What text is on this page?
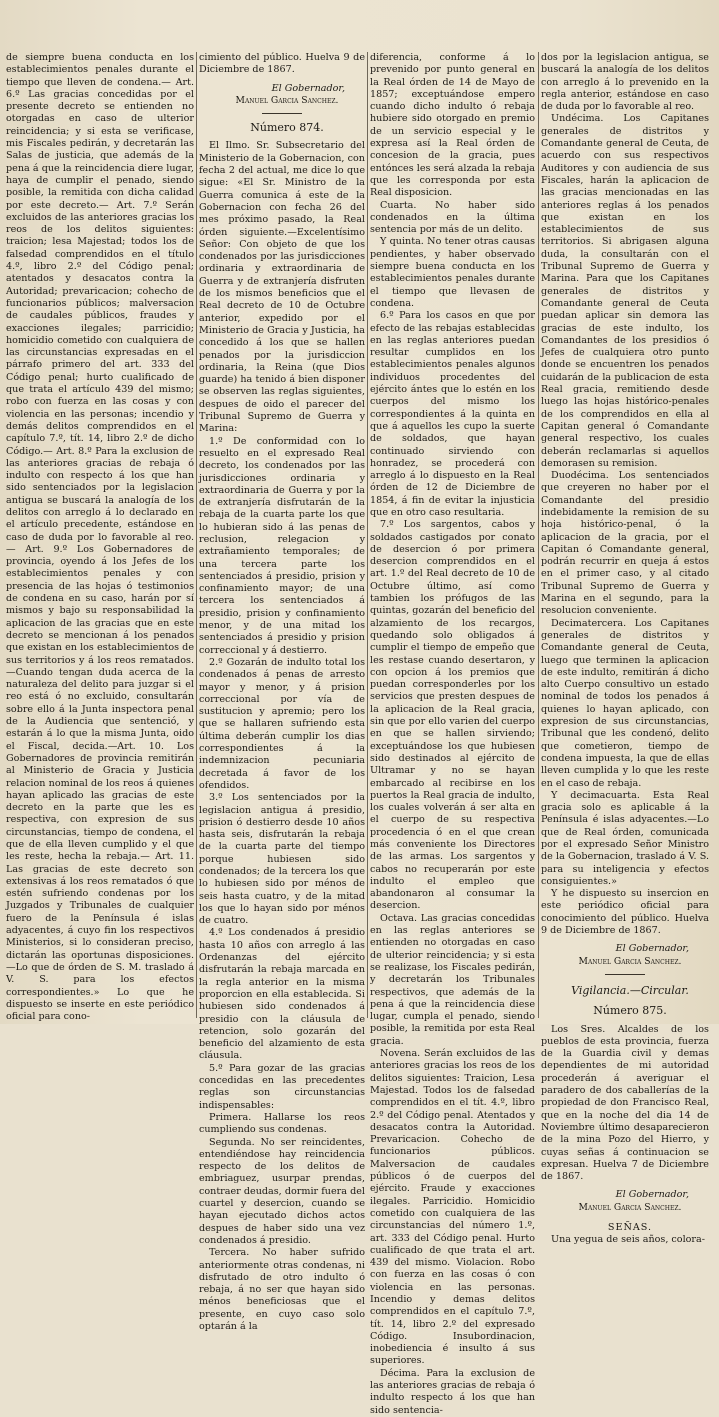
de siempre buena conducta en los establecimientos penales durante el tiempo que lleven de condena.— Art. 6.º Las gracias concedidas por el presente decreto se entienden no otorgadas en caso de ulterior reincidencia; y si esta se verificase, mis Fiscales pedirán, y decretarán las Salas de justicia, que además de la pena á que la reincidencia diere lugar, haya de cumplir el penado, siendo posible, la remitida con dicha calidad por este decreto.— Art. 7.º Serán excluidos de las anteriores gracias los reos de los delitos siguientes: traicion; lesa Majestad; todos los de falsedad comprendidos en el título 4.º, libro 2.º del Código penal; atentados y desacatos contra la Autoridad; prevaricacion; cohecho de funcionarios públicos; malversacion de caudales públicos, fraudes y exacciones ilegales; parricidio; homicidio cometido con cualquiera de las circunstancias expresadas en el párrafo primero del art. 333 del Código penal; hurto cualificado de que trata el artículo 439 del mismo; robo con fuerza en las cosas y con violencia en las personas; incendio y demás delitos comprendidos en el capítulo 7.º, tít. 14, libro 2.º de dicho Código.— Art. 8.º Para la exclusion de las anteriores gracias de rebaja ó indulto con respecto á los que han sido sentenciados por la legislacion antigua se buscará la analogía de los delitos con arreglo á lo declarado en el artículo precedente, estándose en caso de duda por lo favorable al reo. — Art. 9.º Los Gobernadores de provincia, oyendo á los Jefes de los establecimientos penales y con presencia de las hojas ó testimonios de condena en su caso, harán por sí mismos y bajo su responsabilidad la aplicacion de las gracias que en este decreto se mencionan á los penados que existan en los establecimientos de sus territorios y á los reos rematados.—Cuando tengan duda acerca de la naturaleza del delito para juzgar si el reo está ó no excluido, consultarán sobre ello á la Junta inspectora penal de la Audiencia que sentenció, y estarán á lo que la misma Junta, oido el Fiscal, decida.—Art. 10. Los Gobernadores de provincia remitirán al Ministerio de Gracia y Justicia relacion nominal de los reos á quienes hayan aplicado las gracias de este decreto en la parte que les es respectiva, con expresion de sus circunstancias, tiempo de condena, el que de ella lleven cumplido y el que les reste, hecha la rebaja.— Art. 11. Las gracias de este decreto son extensivas á los reos rematados ó que estén sufriendo condenas por los Juzgados y Tribunales de cualquier fuero de la Península é islas adyacentes, á cuyo fin los respectivos Ministerios, si lo consideran preciso, dictarán las oportunas disposiciones.—Lo que de órden de S. M. traslado á V. S. para los efectos correspondientes.» Lo que he dispuesto se inserte en este periódico oficial para cono-

cimiento del público. Huelva 9 de Diciembre de 1867.

El Gobernador,

Manuel Garcia Sanchez.

Número 874.

El Ilmo. Sr. Subsecretario del Ministerio de la Gobernacion, con fecha 2 del actual, me dice lo que sigue: «El Sr. Ministro de la Guerra comunica á este de la Gobernacion con fecha 26 del mes próximo pasado, la Real órden siguiente.—Excelentísimo Señor: Con objeto de que los condenados por las jurisdicciones ordinaria y extraordinaria de Guerra y de extranjería disfruten de los mismos beneficios que el Real decreto de 10 de Octubre anterior, expedido por el Ministerio de Gracia y Justicia, ha concedido á los que se hallen penados por la jurisdiccion ordinaria, la Reina (que Dios guarde) ha tenido á bien disponer se observen las reglas siguientes, despues de oido el parecer del Tribunal Supremo de Guerra y Marina:

1.º De conformidad con lo resuelto en el expresado Real decreto, los condenados por las jurisdicciones ordinaria y extraordinaria de Guerra y por la de extranjería disfrutarán de la rebaja de la cuarta parte los que lo hubieran sido á las penas de reclusion, relegacion y extrañamiento temporales; de una tercera parte los sentenciados á presidio, prision y confinamiento mayor; de una tercera los sentenciados á presidio, prision y confinamiento menor, y de una mitad los sentenciados á presidio y prision correccional y á destierro.

2.º Gozarán de indulto total los condenados á penas de arresto mayor y menor, y á prision correccional por vía de sustitucion y apremio; pero los que se hallaren sufriendo esta última deberán cumplir los dias correspondientes á la indemnizacion pecuniaria decretada á favor de los ofendidos.

3.º Los sentenciados por la legislacion antigua á presidio, prision ó destierro desde 10 años hasta seis, disfrutarán la rebaja de la cuarta parte del tiempo porque hubiesen sido condenados; de la tercera los que lo hubiesen sido por ménos de seis hasta cuatro, y de la mitad los que lo hayan sido por ménos de cuatro.

4.º Los condenados á presidio hasta 10 años con arreglo á las Ordenanzas del ejército disfrutarán la rebaja marcada en la regla anterior en la misma proporcion en ella establecida. Si hubiesen sido condenados á presidio con la cláusula de retencion, solo gozarán del beneficio del alzamiento de esta cláusula.

5.º Para gozar de las gracias concedidas en las precedentes reglas son circunstancias indispensables:

Primera. Hallarse los reos cumpliendo sus condenas.

Segunda. No ser reincidentes, entendiéndose hay reincidencia respecto de los delitos de embriaguez, usurpar prendas, contraer deudas, dormir fuera del cuartel y desercion, cuando se hayan ejecutado dichos actos despues de haber sido una vez condenados á presidio.

Tercera. No haber sufrido anteriormente otras condenas, ni disfrutado de otro indulto ó rebaja, á no ser que hayan sido ménos beneficiosas que el presente, en cuyo caso solo optarán á la

diferencia, conforme á lo prevenido por punto general en la Real órden de 14 de Mayo de 1857; exceptuándose empero cuando dicho indulto ó rebaja hubiere sido otorgado en premio de un servicio especial y le expresa así la Real órden de concesion de la gracia, pues entónces les será alzada la rebaja que les corresponda por esta Real disposicion.

Cuarta. No haber sido condenados en la última sentencia por más de un delito.

Y quinta. No tener otras causas pendientes, y haber observado siempre buena conducta en los establecimientos penales durante el tiempo que llevasen de condena.

6.º Para los casos en que por efecto de las rebajas establecidas en las reglas anteriores puedan resultar cumplidos en los establecimientos penales algunos individuos procedentes del ejército ántes que lo estén en los cuerpos del mismo los correspondientes á la quinta en que á aquellos les cupo la suerte de soldados, que hayan continuado sirviendo con honradez, se procederá con arreglo á lo dispuesto en la Real órden de 12 de Diciembre de 1854, á fin de evitar la injusticia que en otro caso resultaria.

7.º Los sargentos, cabos y soldados castigados por conato de desercion ó por primera desercion comprendidos en el art. 1.º del Real decreto de 10 de Octubre último, así como tambien los prófugos de las quintas, gozarán del beneficio del alzamiento de los recargos, quedando solo obligados á cumplir el tiempo de empeño que les restase cuando desertaron, y con opcion á los premios que puedan corresponderles por los servicios que presten despues de la aplicacion de la Real gracia, sin que por ello varien del cuerpo en que se hallen sirviendo; exceptuándose los que hubiesen sido destinados al ejército de Ultramar y no se hayan embarcado al recibirse en los puertos la Real gracia de indulto, los cuales volverán á ser alta en el cuerpo de su respectiva procedencia ó en el que crean más conveniente los Directores de las armas. Los sargentos y cabos no recuperarán por este indulto el empleo que abandonaron al consumar la desercion.

Octava. Las gracias concedidas en las reglas anteriores se entienden no otorgadas en caso de ulterior reincidencia; y si esta se realizase, los Fiscales pedirán, y decretarán los Tribunales respectivos, que además de la pena á que la reincidencia diese lugar, cumpla el penado, siendo posible, la remitida por esta Real gracia.

Novena. Serán excluidos de las anteriores gracias los reos de los delitos siguientes: Traicion, Lesa Majestad. Todos los de falsedad comprendidos en el tít. 4.º, libro 2.º del Código penal. Atentados y desacatos contra la Autoridad. Prevaricacion. Cohecho de funcionarios públicos. Malversacion de caudales públicos ó de cuerpos del ejército. Fraude y exacciones ilegales. Parricidio. Homicidio cometido con cualquiera de las circunstancias del número 1.º, art. 333 del Código penal. Hurto cualificado de que trata el art. 439 del mismo. Violacion. Robo con fuerza en las cosas ó con violencia en las personas. Incendio y demas delitos comprendidos en el capítulo 7.º, tít. 14, libro 2.º del expresado Código. Insubordinacion, inobediencia é insulto á sus superiores.

Décima. Para la exclusion de las anteriores gracias de rebaja ó indulto respecto á los que han sido sentencia-

dos por la legislacion antigua, se buscará la analogía de los delitos con arreglo á lo prevenido en la regla anterior, estándose en caso de duda por lo favorable al reo.

Undécima. Los Capitanes generales de distritos y Comandante general de Ceuta, de acuerdo con sus respectivos Auditores y con audiencia de sus Fiscales, harán la aplicacion de las gracias mencionadas en las anteriores reglas á los penados que existan en los establecimientos de sus territorios. Si abrigasen alguna duda, la consultarán con el Tribunal Supremo de Guerra y Marina. Para que los Capitanes generales de distritos y Comandante general de Ceuta puedan aplicar sin demora las gracias de este indulto, los Comandantes de los presidios ó Jefes de cualquiera otro punto donde se encuentren los penados cuidarán de la publicacion de esta Real gracia, remitiendo desde luego las hojas histórico-penales de los comprendidos en ella al Capitan general ó Comandante general respectivo, los cuales deberán reclamarlas si aquellos demorasen su remision.

Duodécima. Los sentenciados que creyeren no haber por el Comandante del presidio indebidamente la remision de su hoja histórico-penal, ó la aplicacion de la gracia, por el Capitan ó Comandante general, podrán recurrir en queja á estos en el primer caso, y al citado Tribunal Supremo de Guerra y Marina en el segundo, para la resolucion conveniente.

Decimatercera. Los Capitanes generales de distritos y Comandante general de Ceuta, luego que terminen la aplicacion de este indulto, remitirán á dicho alto Cuerpo consultivo un estado nominal de todos los penados á quienes lo hayan aplicado, con expresion de sus circunstancias, Tribunal que les condenó, delito que cometieron, tiempo de condena impuesta, la que de ellas lleven cumplida y lo que les reste en el caso de rebaja.

Y decimacuarta. Esta Real gracia solo es aplicable á la Península é islas adyacentes.—Lo que de Real órden, comunicada por el expresado Señor Ministro de la Gobernacion, traslado á V. S. para su inteligencia y efectos consiguientes.»

Y he dispuesto su insercion en este periódico oficial para conocimiento del público. Huelva 9 de Diciembre de 1867.

El Gobernador,

Manuel Garcia Sanchez.

Vigilancia.—Circular.

Número 875.

Los Sres. Alcaldes de los pueblos de esta provincia, fuerza de la Guardia civil y demas dependientes de mi autoridad procederán á averiguar el paradero de dos caballerías de la propiedad de don Francisco Real, que en la noche del dia 14 de Noviembre último desaparecieron de la mina Pozo del Hierro, y cuyas señas á continuacion se expresan. Huelva 7 de Diciembre de 1867.

El Gobernador,

Manuel Garcia Sanchez.

SEÑAS.

Una yegua de seis años, colora-
